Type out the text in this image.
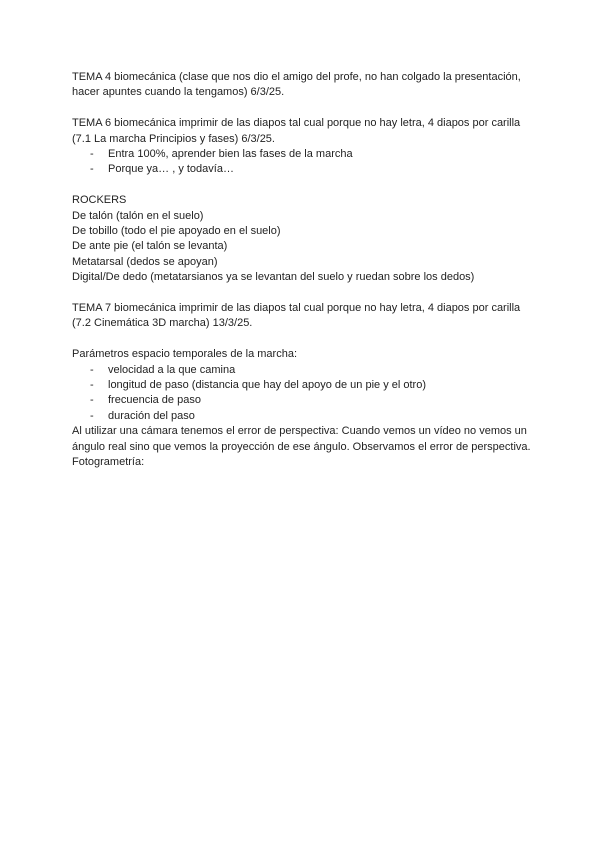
TEMA 4 biomecánica (clase que nos dio el amigo del profe, no han colgado la presentación, hacer apuntes cuando la tengamos) 6/3/25.

TEMA 6 biomecánica imprimir de las diapos tal cual porque no hay letra, 4 diapos por carilla (7.1 La marcha Principios y fases) 6/3/25.

- Entra 100%, aprender bien las fases de la marcha
- Porque ya… , y todavía…
ROCKERS
De talón (talón en el suelo)
De tobillo (todo el pie apoyado en el suelo)
De ante pie (el talón se levanta)
Metatarsal (dedos se apoyan)
Digital/De dedo (metatarsianos ya se levantan del suelo y ruedan sobre los dedos)

TEMA 7 biomecánica imprimir de las diapos tal cual porque no hay letra, 4 diapos por carilla (7.2 Cinemática 3D marcha) 13/3/25.

Parámetros espacio temporales de la marcha:
- velocidad a la que camina
- longitud de paso (distancia que hay del apoyo de un pie y el otro)
- frecuencia de paso
- duración del paso

Al utilizar una cámara tenemos el error de perspectiva: Cuando vemos un vídeo no vemos un ángulo real sino que vemos la proyección de ese ángulo. Observamos el error de perspectiva.

Fotogrametría:
